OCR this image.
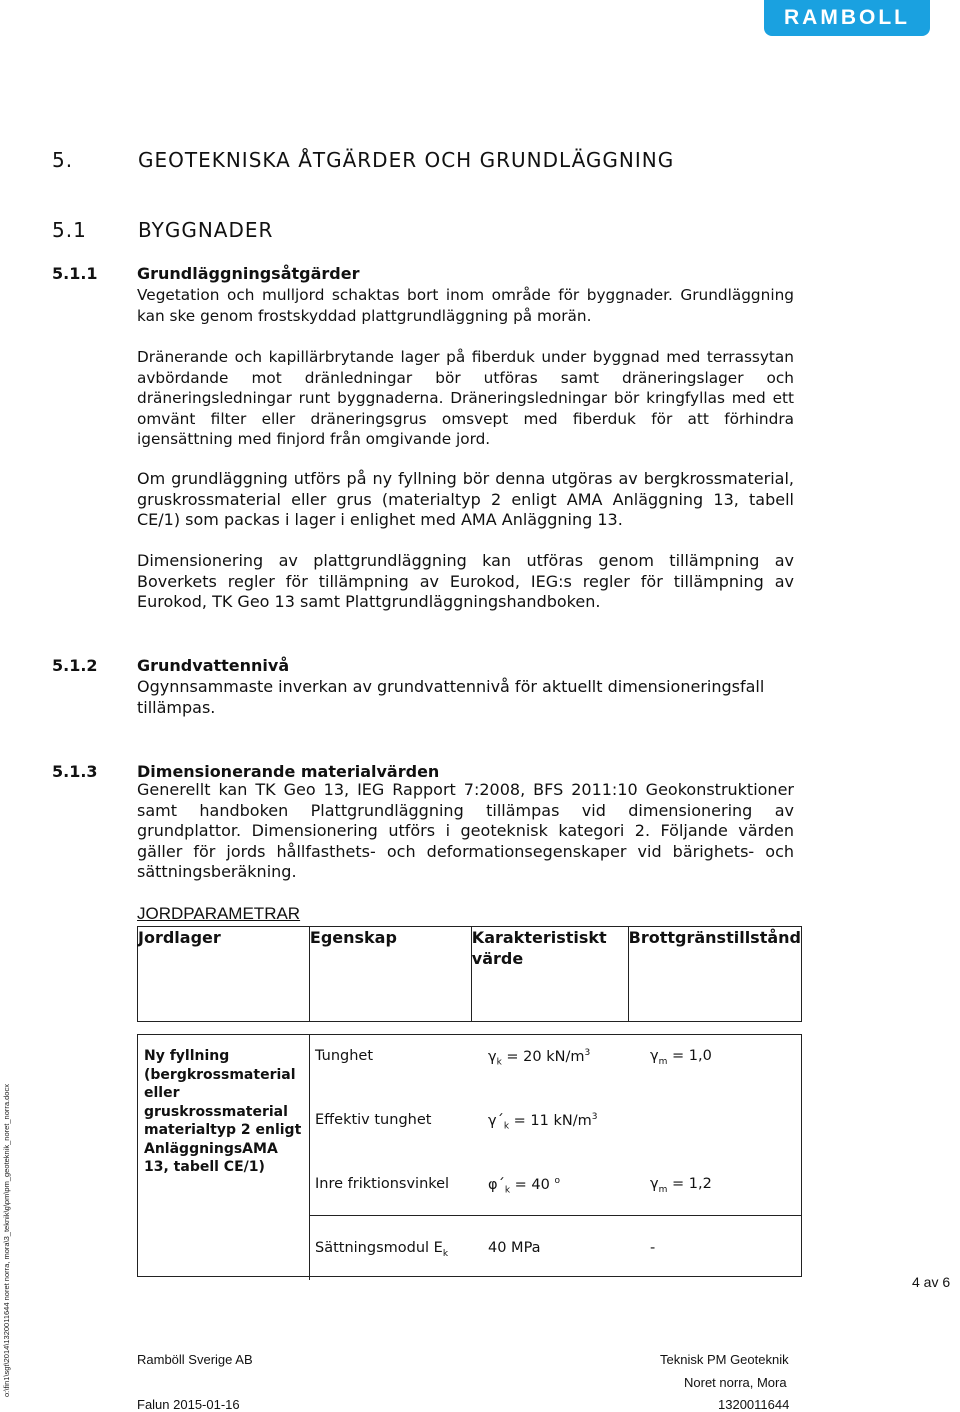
RAMBOLL
5.	GEOTEKNISKA ÅTGÄRDER OCH GRUNDLÄGGNING
5.1	BYGGNADER
5.1.1 Grundläggningsåtgärder
Vegetation och mulljord schaktas bort inom område för byggnader. Grundläggning kan ske genom frostskyddad plattgrundläggning på morän.
Dränerande och kapillärbrytande lager på fiberduk under byggnad med terrassytan avbördande mot dränledningar bör utföras samt dräneringslager och dräneringsledningar runt byggnaderna. Dräneringsledningar bör kringfyllas med ett omvänt filter eller dräneringsgrus omsvept med fiberduk för att förhindra igensättning med finjord från omgivande jord.
Om grundläggning utförs på ny fyllning bör denna utgöras av bergkrossmaterial, gruskrossmaterial eller grus (materialtyp 2 enligt AMA Anläggning 13, tabell CE/1) som packas i lager i enlighet med AMA Anläggning 13.
Dimensionering av plattgrundläggning kan utföras genom tillämpning av Boverkets regler för tillämpning av Eurokod, IEG:s regler för tillämpning av Eurokod, TK Geo 13 samt Plattgrundläggningshandboken.
5.1.2 Grundvattennivå
Ogynnsammaste inverkan av grundvattennivå för aktuellt dimensioneringsfall tillämpas.
5.1.3 Dimensionerande materialvärden
Generellt kan TK Geo 13, IEG Rapport 7:2008, BFS 2011:10 Geokonstruktioner samt handboken Plattgrundläggning tillämpas vid dimensionering av grundplattor. Dimensionering utförs i geoteknisk kategori 2. Följande värden gäller för jords hållfasthets- och deformationsegenskaper vid bärighets- och sättningsberäkning.
JORDPARAMETRAR
Jordlager	Egenskap	Karakteristiskt värde	Brottgränstillstånd
Ny fyllning (bergkrossmaterial eller gruskrossmaterial materialtyp 2 enligt AnläggningsAMA 13, tabell CE/1)			
Tunghet	$\gamma_k = 20$ $kN/m^3$	$\gamma_m = 1,0$
Effektiv tunghet	$\gamma´_k = 11$ $kN/m^3$
Inre friktionsvinkel	$\varphi´_k = 40$ $^o$	$\gamma_m = 1,2$
Sättningsmodul $E_k$	40 MPa	-
o:\fin1\sgt\2014\1320011644 noret norra, mora\3_teknik\g\pm\pm_geoteknik_noret_norra.docx	4 av 6
Ramböll Sverige AB
Falun 2015-01-16
Teknisk PM Geoteknik
Noret norra, Mora
1320011644
